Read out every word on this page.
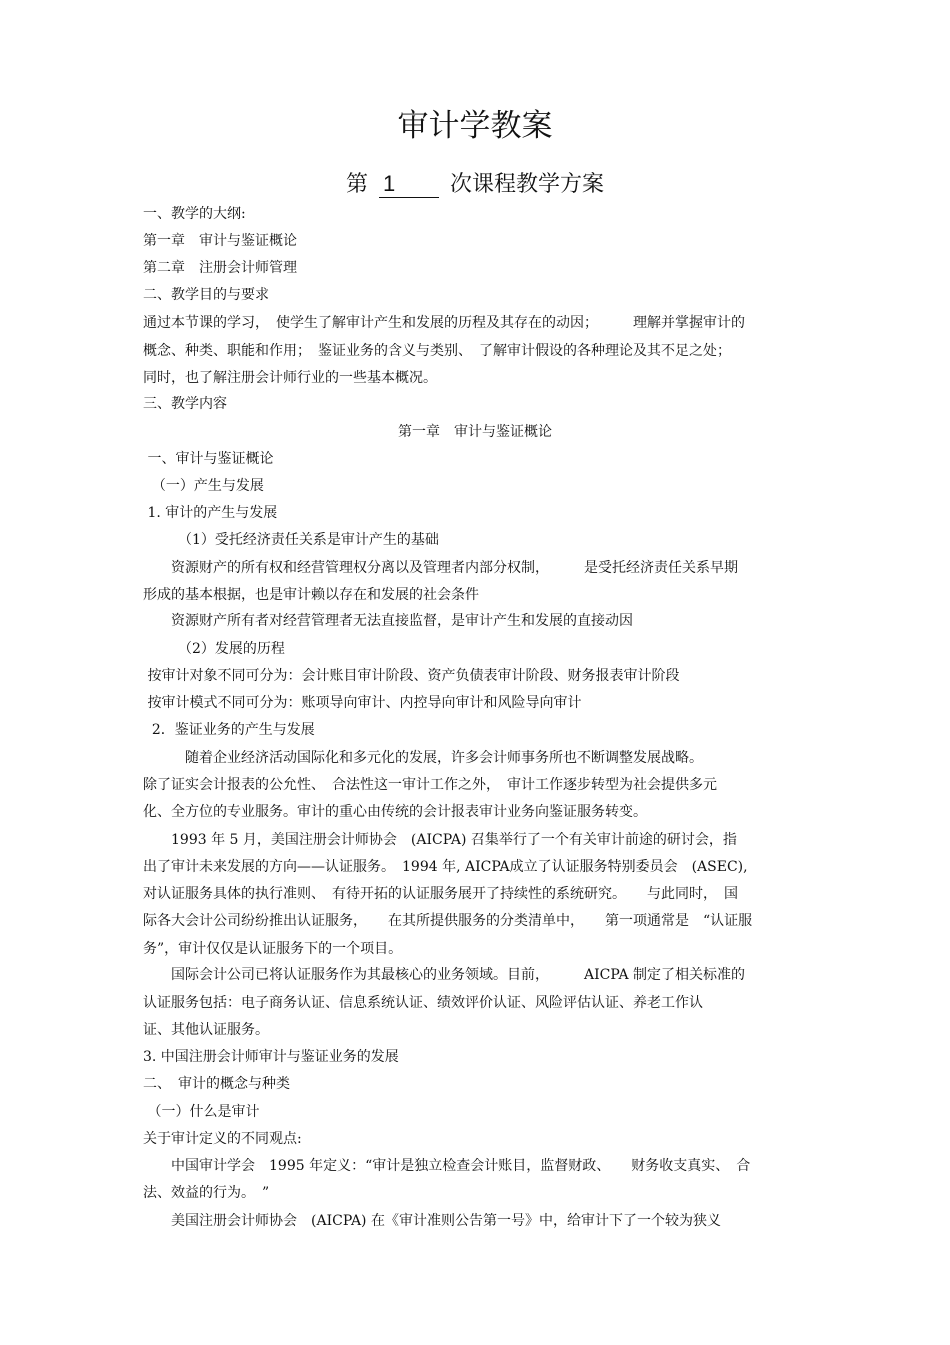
审计学教案
第 1 次课程教学方案
一、教学的大纲:
第一章　审计与鉴证概论
第二章　注册会计师管理
二、教学目的与要求
通过本节课的学习，　使学生了解审计产生和发展的历程及其存在的动因；　　　理解并掌握审计的
概念、种类、职能和作用；　鉴证业务的含义与类别、　了解审计假设的各种理论及其不足之处；
同时，也了解注册会计师行业的一些基本概况。
三、教学内容
第一章　审计与鉴证概论
一、审计与鉴证概论
（一）产生与发展
1. 审计的产生与发展
　　　（1）受托经济责任关系是审计产生的基础
　　资源财产的所有权和经营管理权分离以及管理者内部分权制，　　　是受托经济责任关系早期
形成的基本根据，也是审计赖以存在和发展的社会条件
　　资源财产所有者对经营管理者无法直接监督，是审计产生和发展的直接动因
　　　（2）发展的历程
按审计对象不同可分为：会计账目审计阶段、资产负债表审计阶段、财务报表审计阶段
按审计模式不同可分为：账项导向审计、内控导向审计和风险导向审计
2．鉴证业务的产生与发展
　　　随着企业经济活动国际化和多元化的发展，许多会计师事务所也不断调整发展战略。
除了证实会计报表的公允性、　合法性这一审计工作之外，　审计工作逐步转型为社会提供多元
化、全方位的专业服务。审计的重心由传统的会计报表审计业务向鉴证服务转变。
　　1993 年 5 月，美国注册会计师协会　(AICPA) 召集举行了一个有关审计前途的研讨会，指
出了审计未来发展的方向——认证服务。　1994 年, AICPA成立了认证服务特别委员会　(ASEC),
对认证服务具体的执行准则、　有待开拓的认证服务展开了持续性的系统研究。　　与此同时，　国
际各大会计公司纷纷推出认证服务，　　在其所提供服务的分类清单中，　　第一项通常是　“认证服
务”，审计仅仅是认证服务下的一个项目。
　　国际会计公司已将认证服务作为其最核心的业务领域。目前，　　　AICPA 制定了相关标准的
认证服务包括：电子商务认证、信息系统认证、绩效评价认证、风险评估认证、养老工作认
证、其他认证服务。
3. 中国注册会计师审计与鉴证业务的发展
二、　审计的概念与种类
（一）什么是审计
关于审计定义的不同观点:
　　中国审计学会　1995 年定义：“审计是独立检查会计账目，监督财政、　　财务收支真实、　合
法、效益的行为。　”
　　美国注册会计师协会　(AICPA) 在《审计准则公告第一号》中，给审计下了一个较为狭义
